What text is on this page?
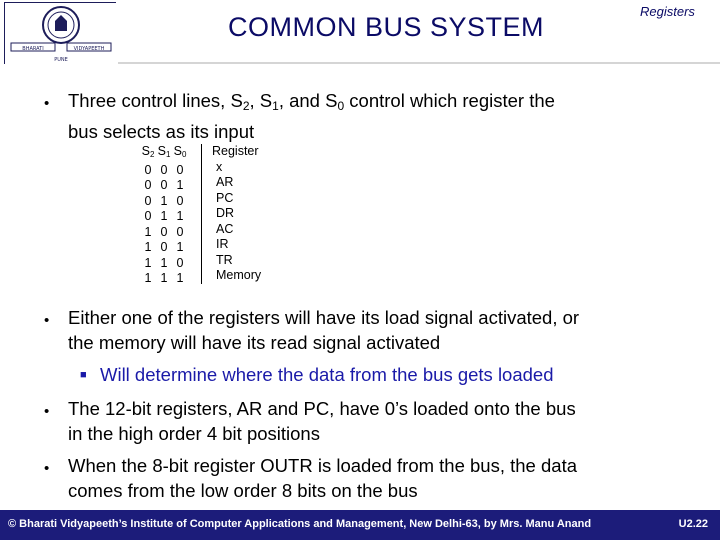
BHARATI	VIDYAPEETH
PUNE
COMMON BUS SYSTEM
Registers
• Three control lines, $S_2$, $S_1$, and $S_0$ control which register the
bus selects as its input
S2 S1 S0
0 0 0
0 0 1
0 1 0
0 1 1
1 0 0
1 0 1
1 1 0
1 1 1
Register
x
AR
PC
DR
AC
IR
TR
Memory
• Either one of the registers will have its load signal activated, or
the memory will have its read signal activated
■ Will determine where the data from the bus gets loaded
• The 12-bit registers, AR and PC, have 0’s loaded onto the bus
in the high order 4 bit positions
• When the 8-bit register OUTR is loaded from the bus, the data
comes from the low order 8 bits on the bus
© Bharati Vidyapeeth’s Institute of Computer Applications and Management, New Delhi-63, by Mrs. Manu Anand	U2.22
